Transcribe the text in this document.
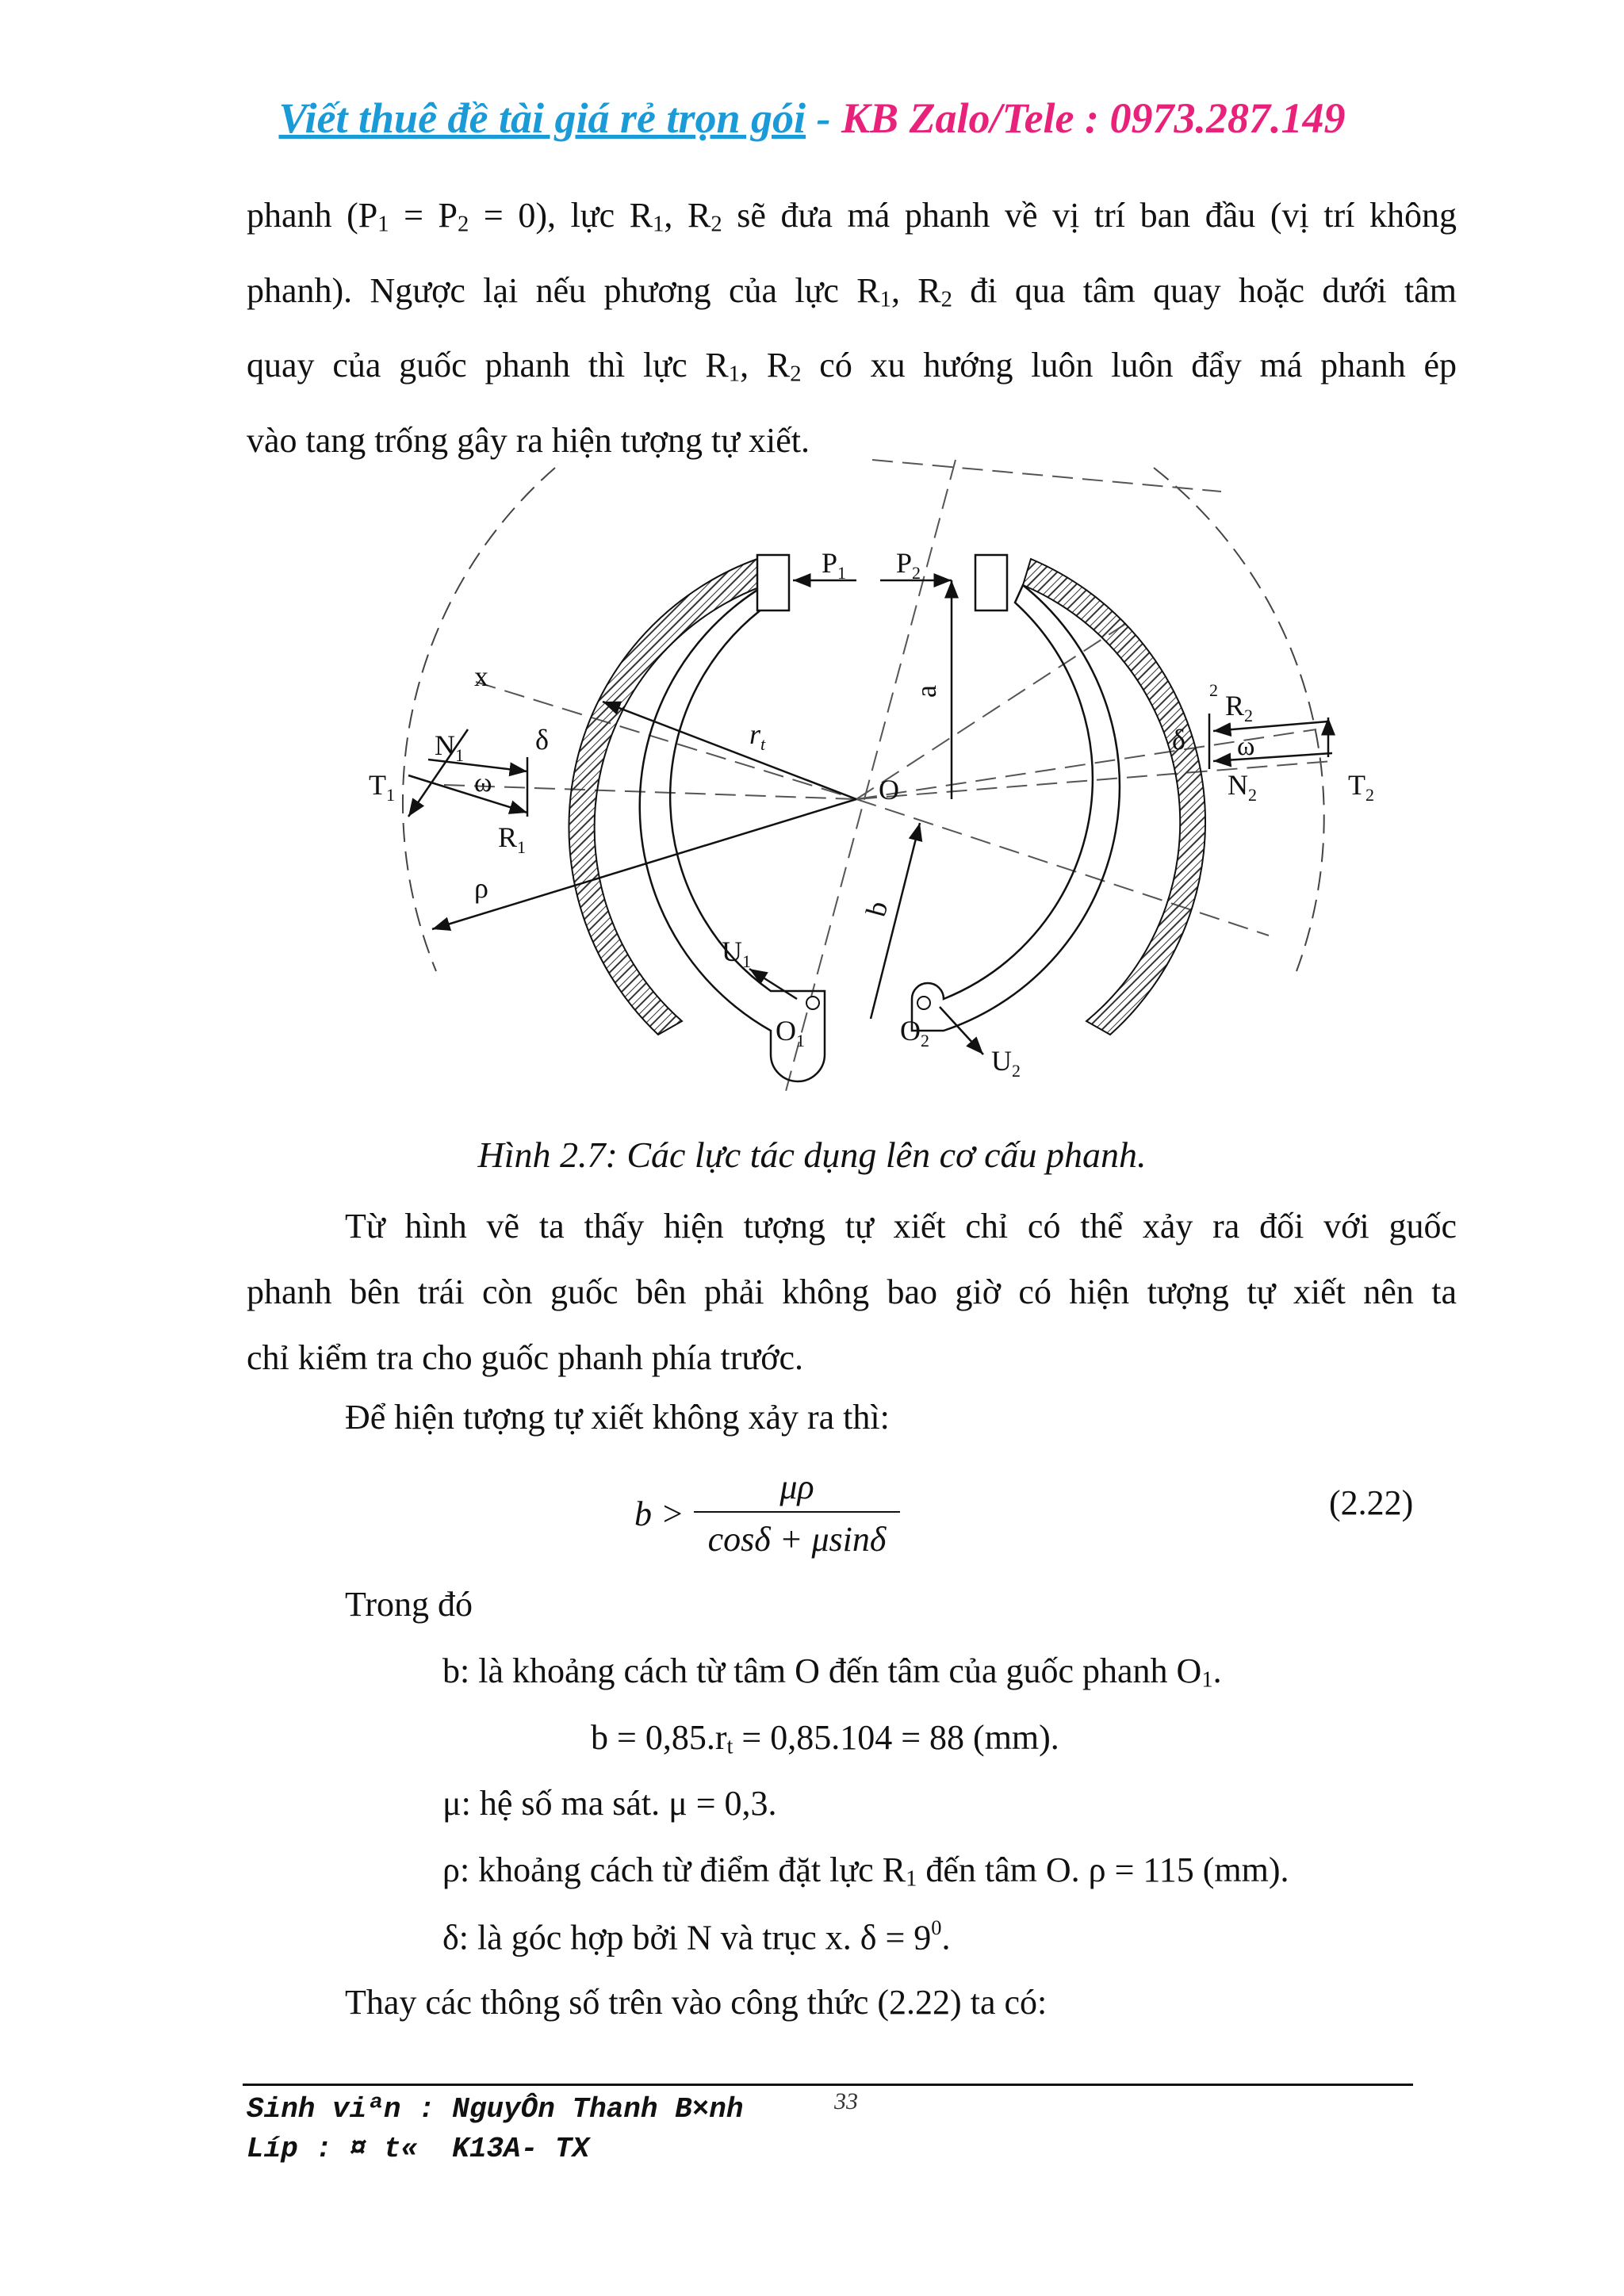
Viết thuê đề tài giá rẻ trọn gói - KB Zalo/Tele : 0973.287.149
phanh $(P_1 = P_2 = 0)$, lực $R_1$, $R_2$ sẽ đưa má phanh về vị trí ban đầu (vị trí không
phanh). Ngược lại nếu phương của lực $R_1$, $R_2$ đi qua tâm quay hoặc dưới tâm
quay của guốc phanh thì lực $R_1$, $R_2$ có xu hướng luôn luôn đẩy má phanh ép
vào tang trống gây ra hiện tượng tự xiết.
$P_1$ $P_2$
x	a
$r_t$
δ
$N_1$
ω
$T_1$
$R_1$
O
ρ
b
$U_1$
$O_1$	$O_2$
$U_2$
$R_2$
2
δ ω
$N_2$	$T_2$
Hình 2.7: Các lực tác dụng lên cơ cấu phanh.
Từ hình vẽ ta thấy hiện tượng tự xiết chỉ có thể xảy ra đối với guốc
phanh bên trái còn guốc bên phải không bao giờ có hiện tượng tự xiết nên ta
chỉ kiểm tra cho guốc phanh phía trước.
Để hiện tượng tự xiết không xảy ra thì:
b >
μρ
cosδ + μsinδ
(2.22)
Trong đó
b: là khoảng cách từ tâm O đến tâm của guốc phanh $O_1$.
$b = 0,85.r_t = 0,85.104 = 88$ (mm).
μ: hệ số ma sát. μ = 0,3.
ρ: khoảng cách từ điểm đặt lực $R_1$ đến tâm O. ρ = 115 (mm).
δ: là góc hợp bởi N và trục x. $\delta = 9^0$.
Thay các thông số trên vào công thức (2.22) ta có:
Sinh viªn : NguyÔn Thanh B×nh	33
Líp : ¤ t«  K13A- TX
